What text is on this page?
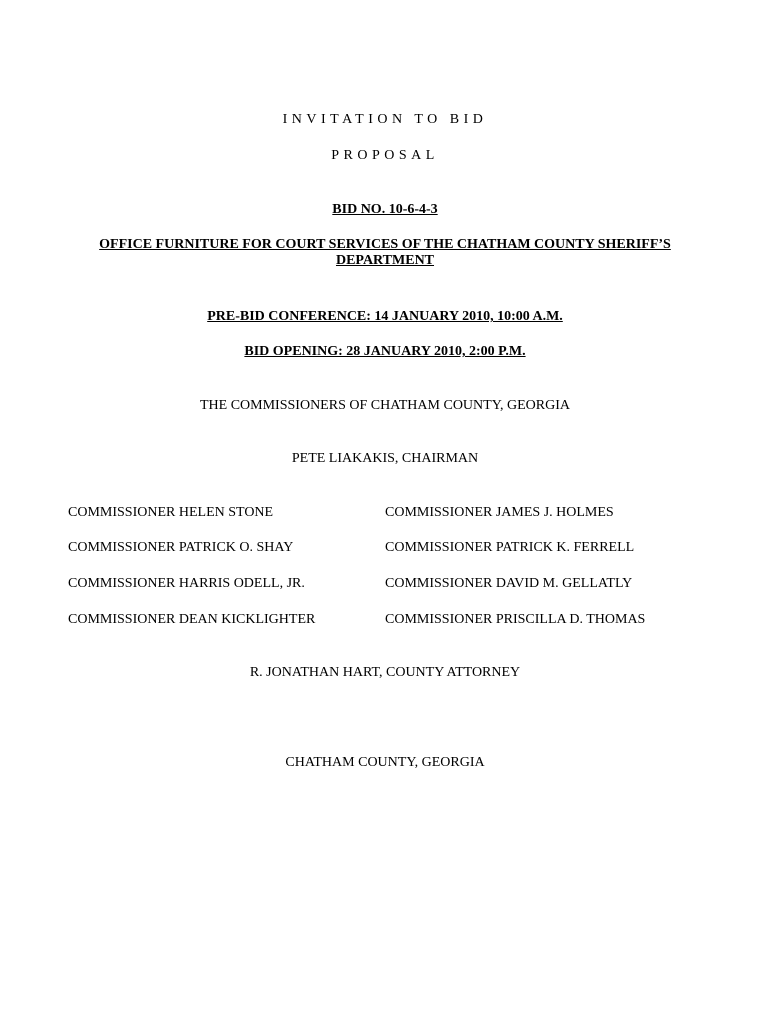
INVITATION TO BID
PROPOSAL
BID NO. 10-6-4-3
OFFICE FURNITURE FOR COURT SERVICES OF THE CHATHAM COUNTY SHERIFF’S DEPARTMENT
PRE-BID CONFERENCE: 14 JANUARY 2010, 10:00 A.M.
BID OPENING: 28 JANUARY 2010, 2:00 P.M.
THE COMMISSIONERS OF CHATHAM COUNTY, GEORGIA
PETE LIAKAKIS, CHAIRMAN
COMMISSIONER HELEN STONE	COMMISSIONER JAMES J. HOLMES
COMMISSIONER PATRICK O. SHAY	COMMISSIONER PATRICK K. FERRELL
COMMISSIONER HARRIS ODELL, JR.	COMMISSIONER DAVID M. GELLATLY
COMMISSIONER DEAN KICKLIGHTER	COMMISSIONER PRISCILLA D. THOMAS
R. JONATHAN HART, COUNTY ATTORNEY
CHATHAM COUNTY, GEORGIA
